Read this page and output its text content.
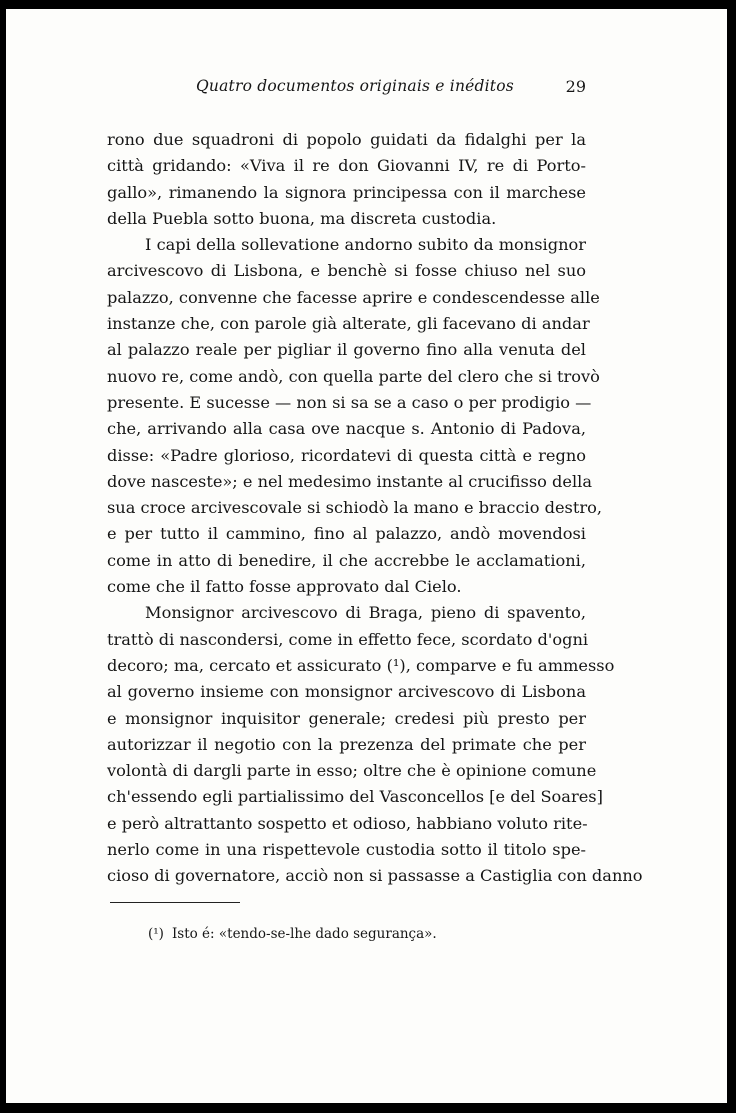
Quatro documentos originais e inéditos	29
rono due squadroni di popolo guidati da fidalghi per la
città gridando: «Viva il re don Giovanni IV, re di Porto-
gallo», rimanendo la signora principessa con il marchese
della Puebla sotto buona, ma discreta custodia.
I capi della sollevatione andorno subito da monsignor
arcivescovo di Lisbona, e benchè si fosse chiuso nel suo
palazzo, convenne che facesse aprire e condescendesse alle
instanze che, con parole già alterate, gli facevano di andar
al palazzo reale per pigliar il governo fino alla venuta del
nuovo re, come andò, con quella parte del clero che si trovò
presente. E sucesse — non si sa se a caso o per prodigio —
che, arrivando alla casa ove nacque s. Antonio di Padova,
disse: «Padre glorioso, ricordatevi di questa città e regno
dove nasceste»; e nel medesimo instante al crucifisso della
sua croce arcivescovale si schiodò la mano e braccio destro,
e per tutto il cammino, fino al palazzo, andò movendosi
come in atto di benedire, il che accrebbe le acclamationi,
come che il fatto fosse approvato dal Cielo.
Monsignor arcivescovo di Braga, pieno di spavento,
trattò di nascondersi, come in effetto fece, scordato d'ogni
decoro; ma, cercato et assicurato (¹), comparve e fu ammesso
al governo insieme con monsignor arcivescovo di Lisbona
e monsignor inquisitor generale; credesi più presto per
autorizzar il negotio con la prezenza del primate che per
volontà di dargli parte in esso; oltre che è opinione comune
ch'essendo egli partialissimo del Vasconcellos [e del Soares]
e però altrattanto sospetto et odioso, habbiano voluto rite-
nerlo come in una rispettevole custodia sotto il titolo spe-
cioso di governatore, acciò non si passasse a Castiglia con danno
(¹) Isto é: «tendo-se-lhe dado segurança».
